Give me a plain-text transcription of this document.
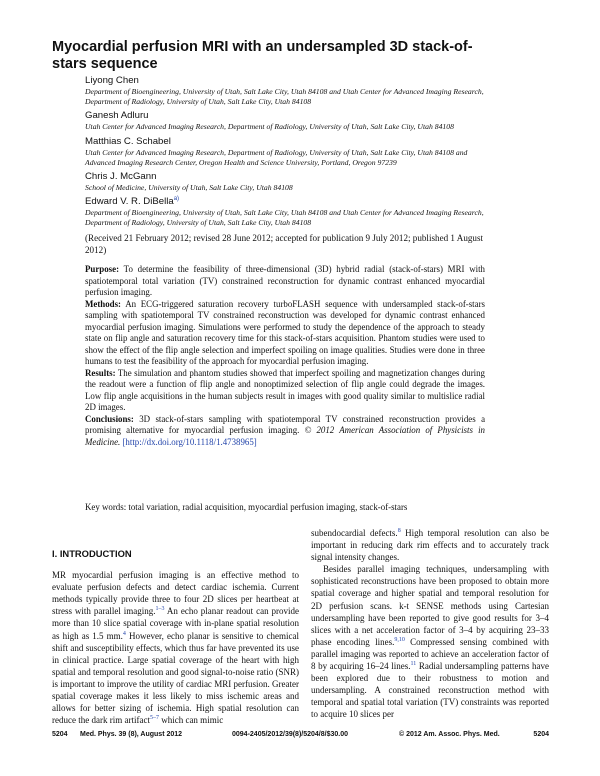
Myocardial perfusion MRI with an undersampled 3D stack-of-stars sequence
Liyong Chen
Department of Bioengineering, University of Utah, Salt Lake City, Utah 84108 and Utah Center for Advanced Imaging Research, Department of Radiology, University of Utah, Salt Lake City, Utah 84108
Ganesh Adluru
Utah Center for Advanced Imaging Research, Department of Radiology, University of Utah, Salt Lake City, Utah 84108
Matthias C. Schabel
Utah Center for Advanced Imaging Research, Department of Radiology, University of Utah, Salt Lake City, Utah 84108 and Advanced Imaging Research Center, Oregon Health and Science University, Portland, Oregon 97239
Chris J. McGann
School of Medicine, University of Utah, Salt Lake City, Utah 84108
Edward V. R. DiBella$^{a)}$
Department of Bioengineering, University of Utah, Salt Lake City, Utah 84108 and Utah Center for Advanced Imaging Research, Department of Radiology, University of Utah, Salt Lake City, Utah 84108
(Received 21 February 2012; revised 28 June 2012; accepted for publication 9 July 2012; published 1 August 2012)

Purpose: To determine the feasibility of three-dimensional (3D) hybrid radial (stack-of-stars) MRI with spatiotemporal total variation (TV) constrained reconstruction for dynamic contrast enhanced myocardial perfusion imaging.

Methods: An ECG-triggered saturation recovery turboFLASH sequence with undersampled stack-of-stars sampling with spatiotemporal TV constrained reconstruction was developed for dynamic contrast enhanced myocardial perfusion imaging. Simulations were performed to study the dependence of the approach to steady state on flip angle and saturation recovery time for this stack-of-stars acquisition. Phantom studies were used to show the effect of the flip angle selection and imperfect spoiling on image qualities. Studies were done in three humans to test the feasibility of the approach for myocardial perfusion imaging.

Results: The simulation and phantom studies showed that imperfect spoiling and magnetization changes during the readout were a function of flip angle and nonoptimized selection of flip angle could degrade the images. Low flip angle acquisitions in the human subjects result in images with good quality similar to multislice radial 2D images.

Conclusions: 3D stack-of-stars sampling with spatiotemporal TV constrained reconstruction provides a promising alternative for myocardial perfusion imaging. © 2012 American Association of Physicists in Medicine. [http://dx.doi.org/10.1118/1.4738965]

Key words: total variation, radial acquisition, myocardial perfusion imaging, stack-of-stars
I. INTRODUCTION

MR myocardial perfusion imaging is an effective method to evaluate perfusion defects and detect cardiac ischemia. Current methods typically provide three to four 2D slices per heartbeat at stress with parallel imaging.$^{1-3}$ An echo planar readout can provide more than 10 slice spatial coverage with in-plane spatial resolution as high as 1.5 mm.$^4$ However, echo planar is sensitive to chemical shift and susceptibility effects, which thus far have prevented its use in clinical practice. Large spatial coverage of the heart with high spatial and temporal resolution and good signal-to-noise ratio (SNR) is important to improve the utility of cardiac MRI perfusion. Greater spatial coverage makes it less likely to miss ischemic areas and allows for better sizing of ischemia. High spatial resolution can reduce the dark rim artifact$^{5-7}$ which can mimic

subendocardial defects.$^8$ High temporal resolution can also be important in reducing dark rim effects and to accurately track signal intensity changes.

Besides parallel imaging techniques, undersampling with sophisticated reconstructions have been proposed to obtain more spatial coverage and higher spatial and temporal resolution for 2D perfusion scans. k-t SENSE methods using Cartesian undersampling have been reported to give good results for 3–4 slices with a net acceleration factor of 3–4 by acquiring 23–33 phase encoding lines.$^{9,10}$ Compressed sensing combined with parallel imaging was reported to achieve an acceleration factor of 8 by acquiring 16–24 lines.$^{11}$ Radial undersampling patterns have been explored due to their robustness to motion and undersampling. A constrained reconstruction method with temporal and spatial total variation (TV) constraints was reported to acquire 10 slices per

5204 Med. Phys. 39 (8), August 2012	0094-2405/2012/39(8)/5204/8/$30.00	© 2012 Am. Assoc. Phys. Med.	5204
